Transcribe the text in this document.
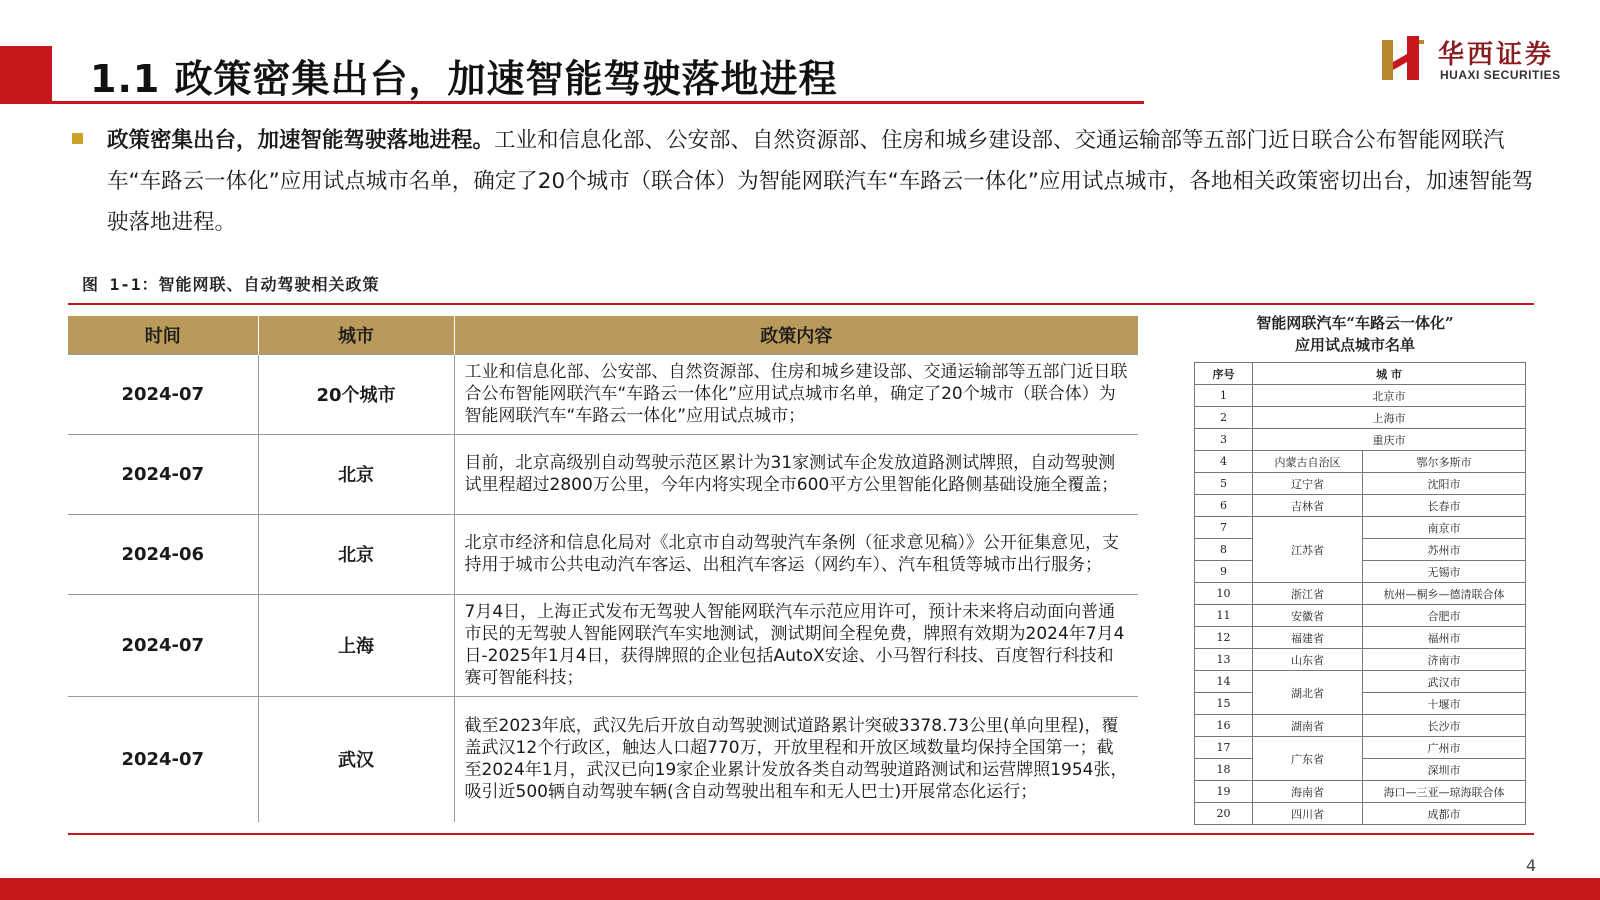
1.1 政策密集出台，加速智能驾驶落地进程
华西证券
HUAXI SECURITIES
政策密集出台，加速智能驾驶落地进程。工业和信息化部、公安部、自然资源部、住房和城乡建设部、交通运输部等五部门近日联合公布智能网联汽车“车路云一体化”应用试点城市名单，确定了20个城市（联合体）为智能网联汽车“车路云一体化”应用试点城市，各地相关政策密切出台，加速智能驾驶落地进程。
图 1-1：智能网联、自动驾驶相关政策
时间	城市	政策内容
2024-07	20个城市	工业和信息化部、公安部、自然资源部、住房和城乡建设部、交通运输部等五部门近日联合公布智能网联汽车“车路云一体化”应用试点城市名单，确定了20个城市（联合体）为智能网联汽车“车路云一体化”应用试点城市；
2024-07	北京	目前，北京高级别自动驾驶示范区累计为31家测试车企发放道路测试牌照，自动驾驶测试里程超过2800万公里，今年内将实现全市600平方公里智能化路侧基础设施全覆盖；
2024-06	北京	北京市经济和信息化局对《北京市自动驾驶汽车条例（征求意见稿）》公开征集意见，支持用于城市公共电动汽车客运、出租汽车客运（网约车）、汽车租赁等城市出行服务；
2024-07	上海	7月4日，上海正式发布无驾驶人智能网联汽车示范应用许可，预计未来将启动面向普通市民的无驾驶人智能网联汽车实地测试，测试期间全程免费，牌照有效期为2024年7月4日-2025年1月4日，获得牌照的企业包括AutoX安途、小马智行科技、百度智行科技和赛可智能科技；
2024-07	武汉	截至2023年底，武汉先后开放自动驾驶测试道路累计突破3378.73公里(单向里程)，覆盖武汉12个行政区，触达人口超770万，开放里程和开放区域数量均保持全国第一；截至2024年1月，武汉已向19家企业累计发放各类自动驾驶道路测试和运营牌照1954张，吸引近500辆自动驾驶车辆(含自动驾驶出租车和无人巴士)开展常态化运行；
智能网联汽车“车路云一体化”
应用试点城市名单
序号	城 市	
1	北京市	
2	上海市	
3	重庆市	
4	内蒙古自治区	鄂尔多斯市
5	辽宁省	沈阳市
6	吉林省	长春市
7	江苏省	南京市
8		苏州市
9		无锡市
10	浙江省	杭州—桐乡—德清联合体
11	安徽省	合肥市
12	福建省	福州市
13	山东省	济南市
14	湖北省	武汉市
15		十堰市
16	湖南省	长沙市
17	广东省	广州市
18		深圳市
19	海南省	海口—三亚—琼海联合体
20	四川省	成都市
4
